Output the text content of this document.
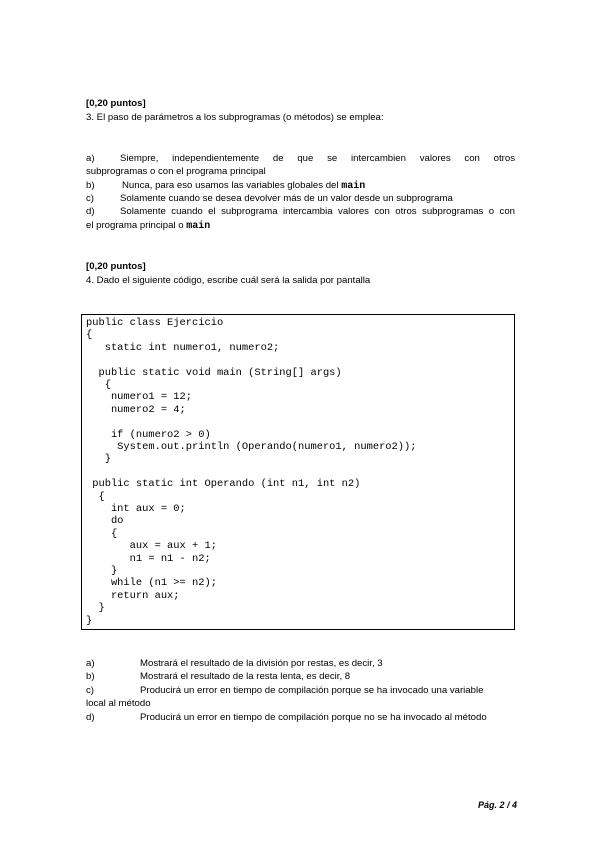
[0,20 puntos]
3. El paso de parámetros a los subprogramas (o métodos) se emplea:
a)	Siempre, independientemente de que se intercambien valores con otros
subprogramas o con el programa principal
b)	Nunca, para eso usamos las variables globales del main
c)	Solamente cuando se desea devolver más de un valor desde un subprograma
d)	Solamente cuando el subprograma intercambia valores con otros subprogramas o con
el programa principal o main
[0,20 puntos]
4. Dado el siguiente código, escribe cuál será la salida por pantalla
public class Ejercicio
{
static int numero1, numero2;
public static void main (String[] args)
{
numero1 = 12;
numero2 = 4;
if (numero2 > 0)
System.out.println (Operando(numero1, numero2));
}
public static int Operando (int n1, int n2)
{
int aux = 0;
do
{
aux = aux + 1;
n1 = n1 - n2;
}
while (n1 >= n2);
return aux;
}
}
a)	Mostrará el resultado de la división por restas, es decir, 3
b)	Mostrará el resultado de la resta lenta, es decir, 8
c)	Producirá un error en tiempo de compilación porque se ha invocado una variable
local al método
d)	Producirá un error en tiempo de compilación porque no se ha invocado al método
Pág. 2 / 4
